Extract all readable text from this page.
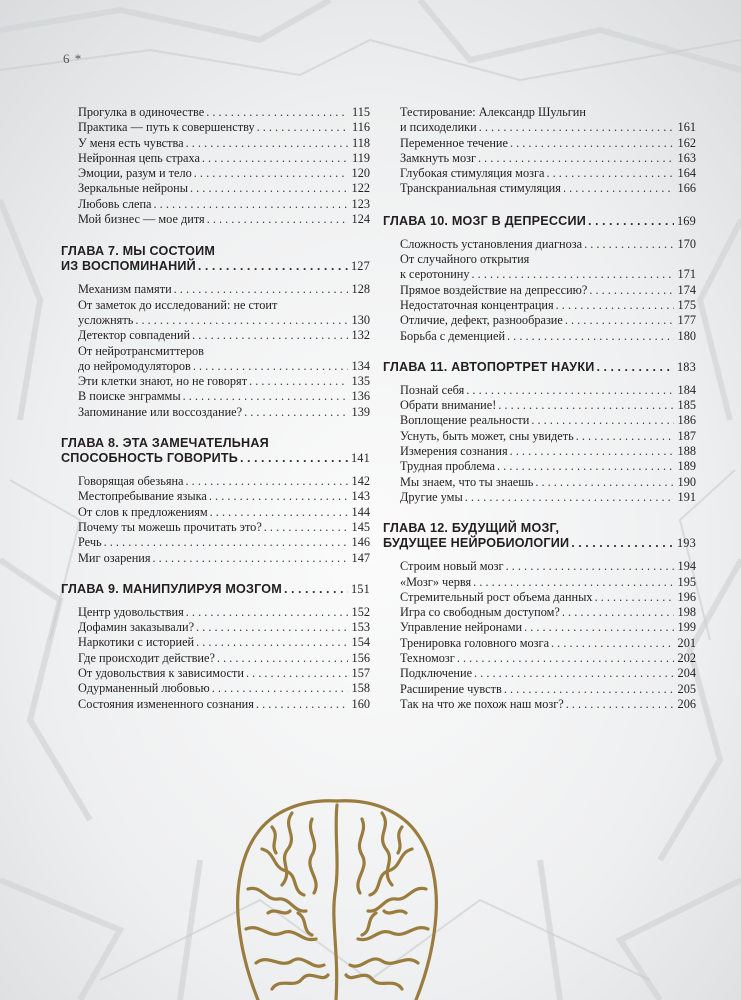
6 *
Прогулка в одиночестве . . .	115
Практика — путь к совершенству . . .	116
У меня есть чувства . . .	118
Нейронная цепь страха . . .	119
Эмоции, разум и тело . . .	120
Зеркальные нейроны . . .	122
Любовь слепа . . .	123
Мой бизнес — мое дитя . . .	124
ГЛАВА 7. МЫ СОСТОИМ
ИЗ ВОСПОМИНАНИЙ . . .	127
Механизм памяти . . .	128
От заметок до исследований: не стоит
усложнять . . .	130
Детектор совпадений . . .	132
От нейротрансмиттеров
до нейромодуляторов . . .	134
Эти клетки знают, но не говорят . . .	135
В поиске энграммы . . .	136
Запоминание или воссоздание? . . .	139
ГЛАВА 8. ЭТА ЗАМЕЧАТЕЛЬНАЯ
СПОСОБНОСТЬ ГОВОРИТЬ . . .	141
Говорящая обезьяна . . .	142
Местопребывание языка . . .	143
От слов к предложениям . . .	144
Почему ты можешь прочитать это? . . .	145
Речь . . .	146
Миг озарения . . .	147
ГЛАВА 9. МАНИПУЛИРУЯ МОЗГОМ . . .	151
Центр удовольствия . . .	152
Дофамин заказывали? . . .	153
Наркотики с историей . . .	154
Где происходит действие? . . .	156
От удовольствия к зависимости . . .	157
Одурманенный любовью . . .	158
Состояния измененного сознания . . .	160
Тестирование: Александр Шульгин
и психоделики . . .	161
Переменное течение . . .	162
Замкнуть мозг . . .	163
Глубокая стимуляция мозга . . .	164
Транскраниальная стимуляция . . .	166
ГЛАВА 10. МОЗГ В ДЕПРЕССИИ . . .	169
Сложность установления диагноза . . .	170
От случайного открытия
к серотонину . . .	171
Прямое воздействие на депрессию? . . .	174
Недостаточная концентрация . . .	175
Отличие, дефект, разнообразие . . .	177
Борьба с деменцией . . .	180
ГЛАВА 11. АВТОПОРТРЕТ НАУКИ . . .	183
Познай себя . . .	184
Обрати внимание! . . .	185
Воплощение реальности . . .	186
Уснуть, быть может, сны увидеть . . .	187
Измерения сознания . . .	188
Трудная проблема . . .	189
Мы знаем, что ты знаешь . . .	190
Другие умы . . .	191
ГЛАВА 12. БУДУЩИЙ МОЗГ,
БУДУЩЕЕ НЕЙРОБИОЛОГИИ . . .	193
Строим новый мозг . . .	194
«Мозг» червя . . .	195
Стремительный рост объема данных . . .	196
Игра со свободным доступом? . . .	198
Управление нейронами . . .	199
Тренировка головного мозга . . .	201
Техномозг . . .	202
Подключение . . .	204
Расширение чувств . . .	205
Так на что же похож наш мозг? . . .	206
